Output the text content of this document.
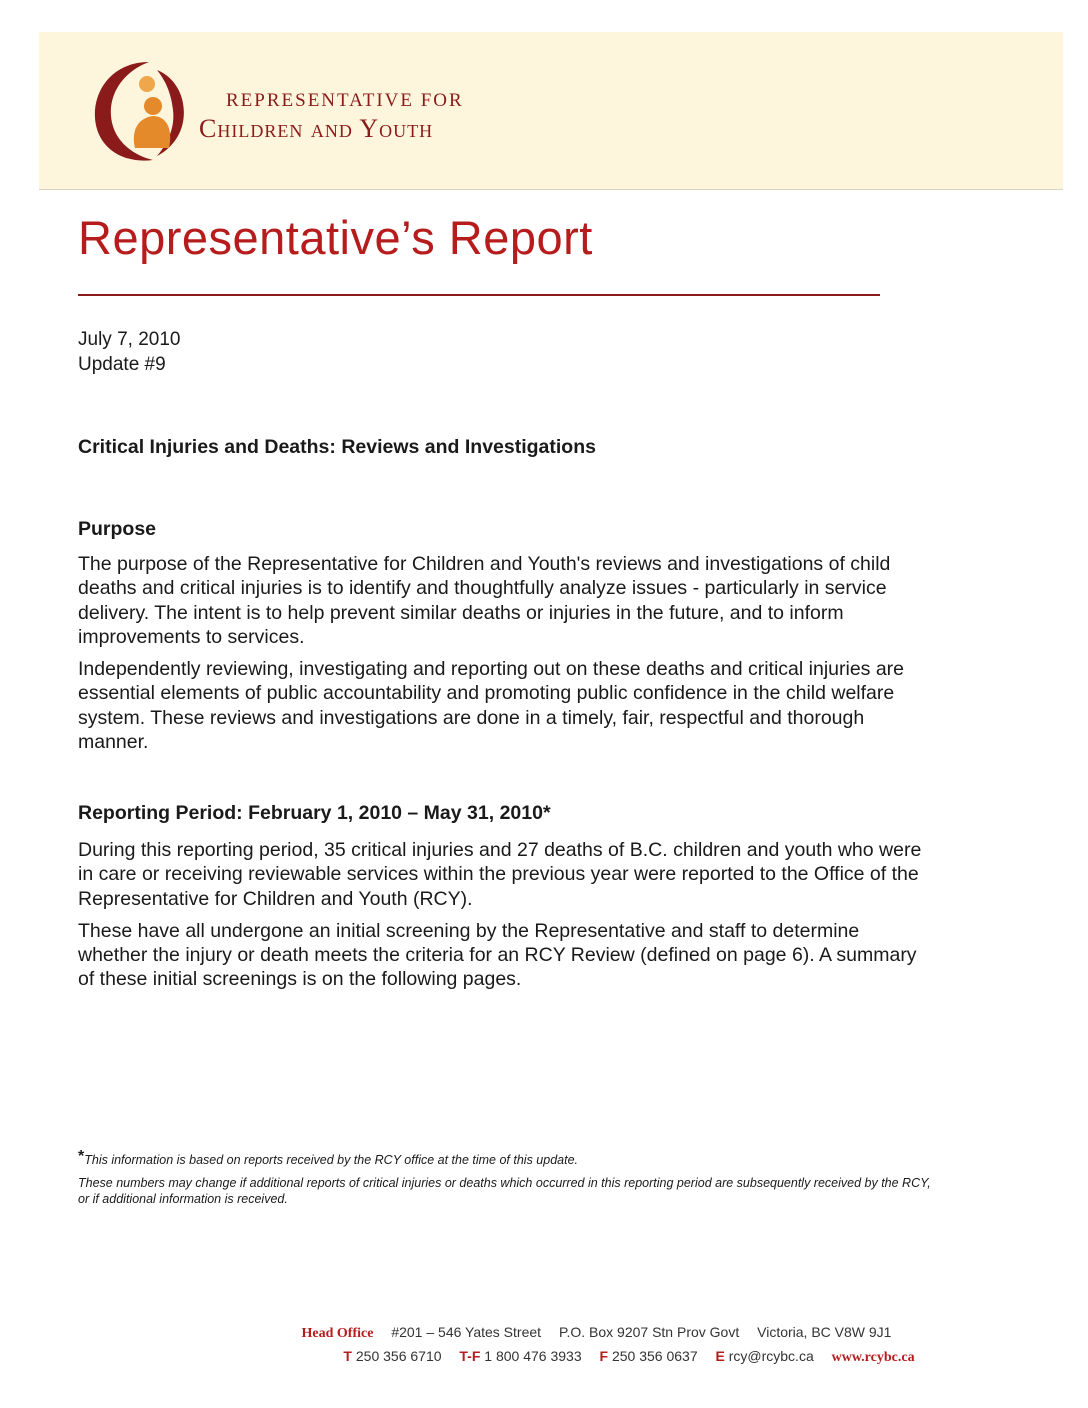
REPRESENTATIVE FOR
Children and Youth
Representative’s Report
July 7, 2010
Update #9
Critical Injuries and Deaths: Reviews and Investigations
Purpose

The purpose of the Representative for Children and Youth's reviews and investigations of child deaths and critical injuries is to identify and thoughtfully analyze issues - particularly in service delivery. The intent is to help prevent similar deaths or injuries in the future, and to inform improvements to services.

Independently reviewing, investigating and reporting out on these deaths and critical injuries are essential elements of public accountability and promoting public confidence in the child welfare system. These reviews and investigations are done in a timely, fair, respectful and thorough manner.

Reporting Period: February 1, 2010 – May 31, 2010*

During this reporting period, 35 critical injuries and 27 deaths of B.C. children and youth who were in care or receiving reviewable services within the previous year were reported to the Office of the Representative for Children and Youth (RCY).

These have all undergone an initial screening by the Representative and staff to determine whether the injury or death meets the criteria for an RCY Review (defined on page 6). A summary of these initial screenings is on the following pages.

*This information is based on reports received by the RCY office at the time of this update.

These numbers may change if additional reports of critical injuries or deaths which occurred in this reporting period are subsequently received by the RCY, or if additional information is received.

Head Office #201 – 546 Yates Street P.O. Box 9207 Stn Prov Govt Victoria, BC V8W 9J1
T 250 356 6710 T-F 1 800 476 3933 F 250 356 0637 E rcy@rcybc.ca www.rcybc.ca
